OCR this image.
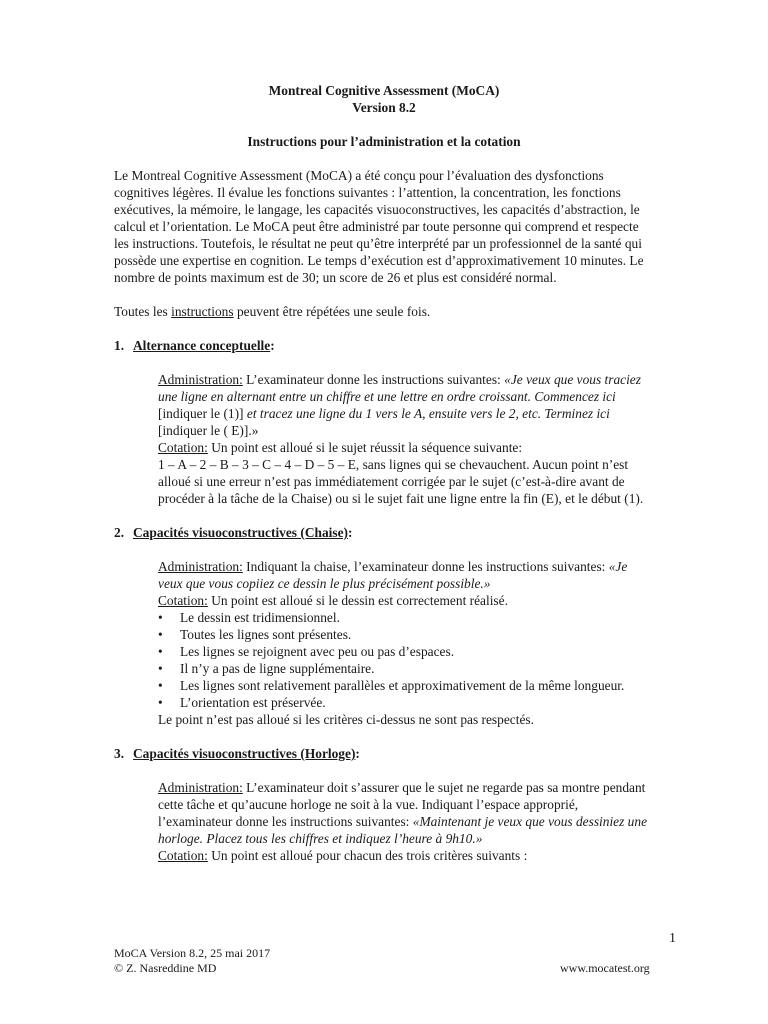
Montreal Cognitive Assessment (MoCA)

Version 8.2

Instructions pour l’administration et la cotation

Le Montreal Cognitive Assessment (MoCA) a été conçu pour l’évaluation des dysfonctions cognitives légères. Il évalue les fonctions suivantes : l’attention, la concentration, les fonctions exécutives, la mémoire, le langage, les capacités visuoconstructives, les capacités d’abstraction, le calcul et l’orientation. Le MoCA peut être administré par toute personne qui comprend et respecte les instructions. Toutefois, le résultat ne peut qu’être interprété par un professionnel de la santé qui possède une expertise en cognition. Le temps d’exécution est d’approximativement 10 minutes. Le nombre de points maximum est de 30; un score de 26 et plus est considéré normal.

Toutes les instructions peuvent être répétées une seule fois.

1. Alternance conceptuelle:

Administration: L’examinateur donne les instructions suivantes: «Je veux que vous traciez une ligne en alternant entre un chiffre et une lettre en ordre croissant. Commencez ici [indiquer le (1)] et tracez une ligne du 1 vers le A, ensuite vers le 2, etc. Terminez ici [indiquer le ( E)].»

Cotation: Un point est alloué si le sujet réussit la séquence suivante:

1 – A – 2 – B – 3 – C – 4 – D – 5 – E, sans lignes qui se chevauchent. Aucun point n’est alloué si une erreur n’est pas immédiatement corrigée par le sujet (c’est-à-dire avant de procéder à la tâche de la Chaise) ou si le sujet fait une ligne entre la fin (E), et le début (1).

2. Capacités visuoconstructives (Chaise):

Administration: Indiquant la chaise, l’examinateur donne les instructions suivantes: «Je veux que vous copiiez ce dessin le plus précisément possible.»

Cotation: Un point est alloué si le dessin est correctement réalisé.

•	Le dessin est tridimensionnel.
•	Toutes les lignes sont présentes.
•	Les lignes se rejoignent avec peu ou pas d’espaces.
•	Il n’y a pas de ligne supplémentaire.
•	Les lignes sont relativement parallèles et approximativement de la même longueur.
•	L’orientation est préservée.

Le point n’est pas alloué si les critères ci-dessus ne sont pas respectés.

3. Capacités visuoconstructives (Horloge):

Administration: L’examinateur doit s’assurer que le sujet ne regarde pas sa montre pendant cette tâche et qu’aucune horloge ne soit à la vue. Indiquant l’espace approprié, l’examinateur donne les instructions suivantes: «Maintenant je veux que vous dessiniez une horloge. Placez tous les chiffres et indiquez l’heure à 9h10.»

Cotation: Un point est alloué pour chacun des trois critères suivants :

1
MoCA Version 8.2, 25 mai 2017
© Z. Nasreddine MD	www.mocatest.org
